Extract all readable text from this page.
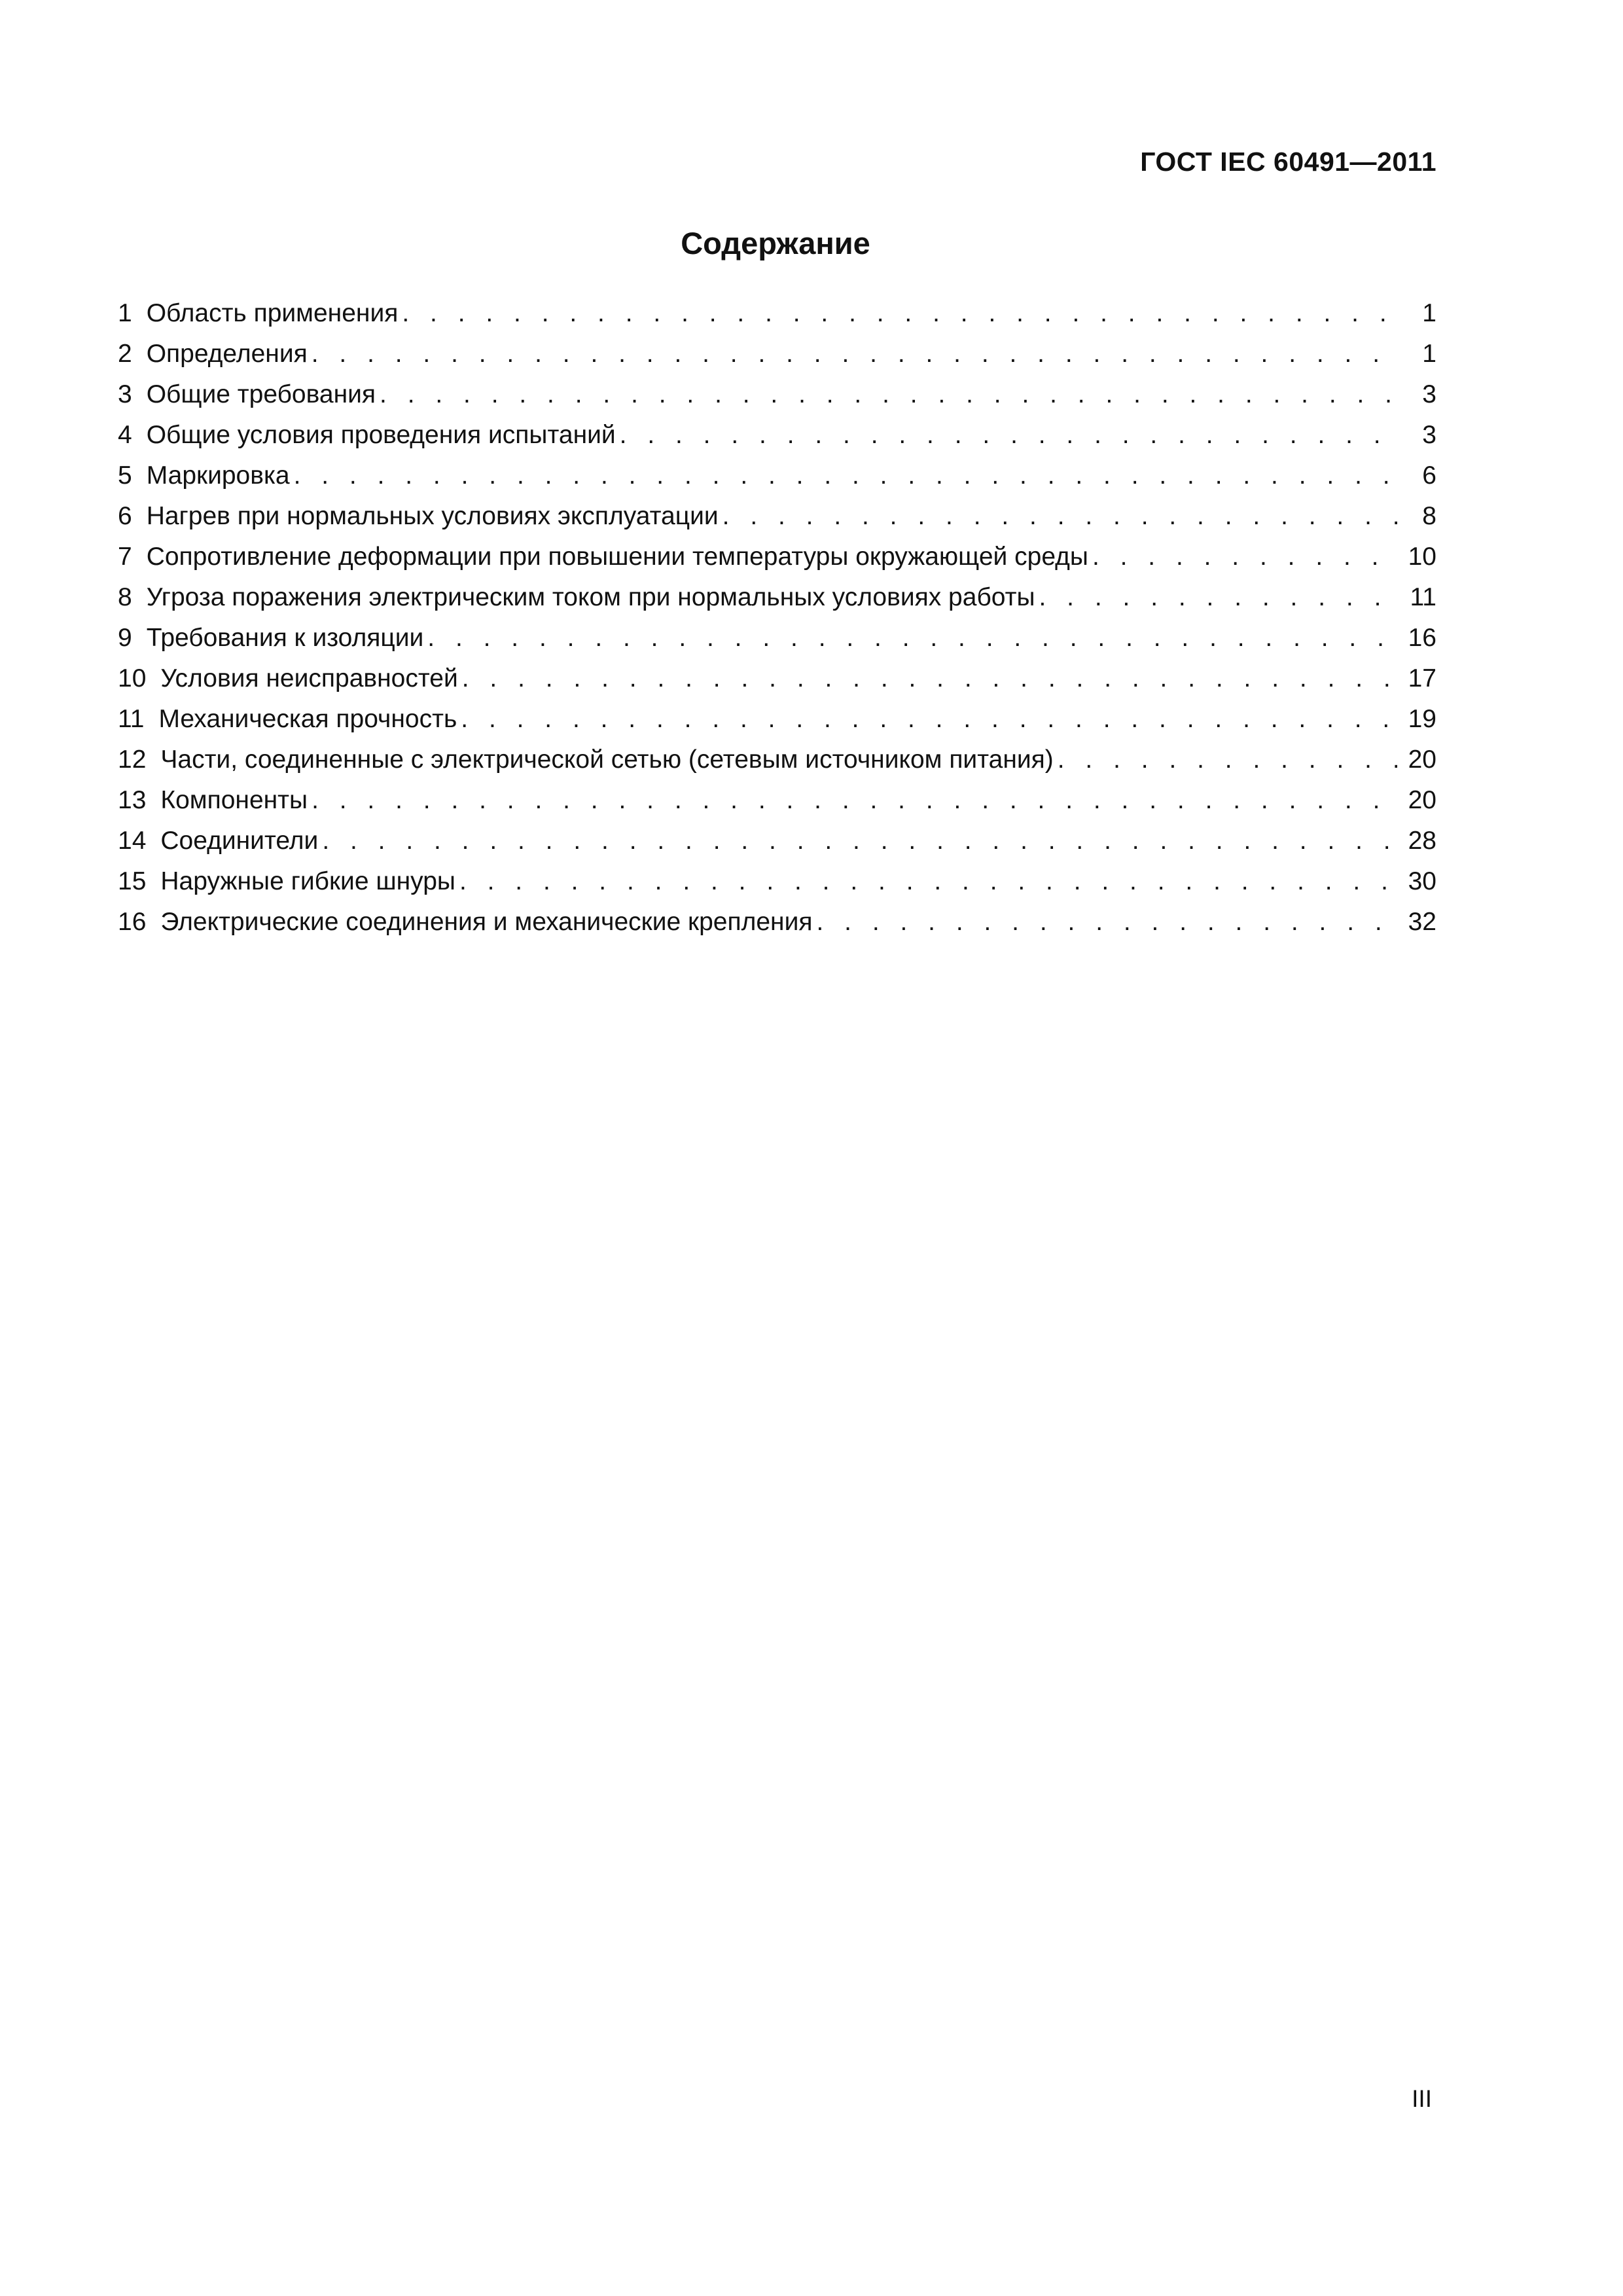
ГОСТ IEC 60491—2011
Содержание
1 Область применения . . .	1
2 Определения . . .	1
3 Общие требования . . .	3
4 Общие условия проведения испытаний . . .	3
5 Маркировка . . .	6
6 Нагрев при нормальных условиях эксплуатации . . .	8
7 Сопротивление деформации при повышении температуры окружающей среды . . .	10
8 Угроза поражения электрическим током при нормальных условиях работы . . .	11
9 Требования к изоляции . . .	16
10 Условия неисправностей . . .	17
11 Механическая прочность . . .	19
12 Части, соединенные с электрической сетью (сетевым источником питания) . . .	20
13 Компоненты . . .	20
14 Соединители . . .	28
15 Наружные гибкие шнуры . . .	30
16 Электрические соединения и механические крепления . . .	32
III
